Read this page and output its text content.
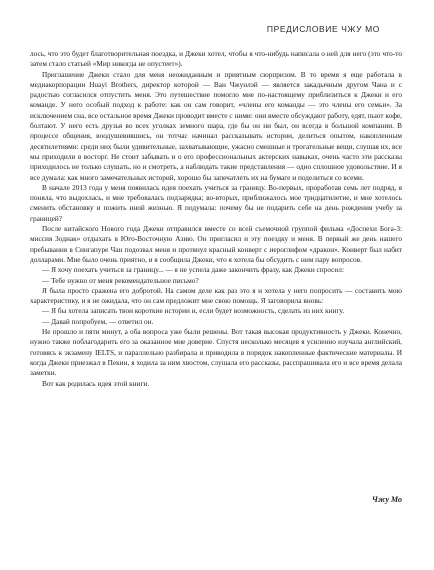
ПРЕДИСЛОВИЕ ЧЖУ МО

лось, что это будет благотворительная поездка, и Джеки хотел, чтобы я что-нибудь написала о ней для него (это что-то затем стало статьей «Мир никогда не опустеет»).

Приглашение Джеки стало для меня неожиданным и приятным сюрпризом. В то время я еще работала в медиакорпорации Huayi Brothers, директор которой — Ван Чжунлэй — является закадычным другом Чана и с радостью согласился отпустить меня. Это путешествие помогло мне по-настоящему приблизиться к Джеки и его команде. У него особый подход к работе: как он сам говорит, «члены его команды — это члены его семьи». За исключением сна, все остальное время Джеки проводит вместе с ними: они вместе обсуждают работу, едят, пьют кофе, болтают. У него есть друзья во всех уголках земного шара, где бы он ни был, он всегда в большой компании. В процессе общения, воодушевившись, он тотчас начинал рассказывать истории, делиться опытом, накопленным десятилетиями: среди них были удивительные, захватывающие, ужасно смешные и трогательные вещи, слушая их, все мы приходили в восторг. Не стоит забывать и о его профессиональных актерских навыках, очень часто эти рассказы приходилось не только слушать, но и смотреть, а наблюдать такие представления — одно сплошное удовольствие. И я все думала: как много замечательных историй, хорошо бы запечатлеть их на бумаге и поделиться со всеми.

В начале 2013 года у меня появилась идея поехать учиться за границу. Во-первых, проработав семь лет подряд, я поняла, что выдохлась, и мне требовалась подзарядка; во-вторых, приближалось мое тридцатилетие, и мне хотелось сменить обстановку и пожить иной жизнью. Я подумала: почему бы не подарить себе на день рождения учебу за границей?

После китайского Нового года Джеки отправился вместе со всей съемочной группой фильма «Доспехи Бога-3: миссия Зодиак» отдыхать в Юго-Восточную Азию. Он пригласил и эту поездку и меня. В первый же день нашего пребывания в Сингапуре Чан подозвал меня и протянул красный конверт с иероглифом «дракон». Конверт был набит долларами. Мне было очень приятно, и я сообщила Джеки, что я хотела бы обсудить с ним пару вопросов.

— Я хочу поехать учиться за границу... — я не успела даже закончить фразу, как Джеки спросил:

— Тебе нужно от меня рекомендательное письмо?

Я была просто сражена его добротой. На самом деле как раз это я и хотела у него попросить — составить мою характеристику, и я не ожидала, что он сам предложит мне свою помощь. Я заговорила вновь:

— Я бы хотела записать твои короткие истории и, если будет возможность, сделать из них книгу.

— Давай попробуем, — ответил он.

Не прошло и пяти минут, а оба вопроса уже были решены. Вот такая высокая продуктивность у Джеки. Конечно, нужно также поблагодарить его за оказанное мне доверие. Спустя несколько месяцев я усиленно изучала английский, готовясь к экзамену IELTS, и параллельно разбирала и приводила в порядок накопленные фактические материалы. И когда Джеки приезжал в Пекин, я ходила за ним хвостом, слушала его рассказы, расспрашивала его и все время делала заметки.

Вот как родилась идея этой книги.

Чжу Мо
